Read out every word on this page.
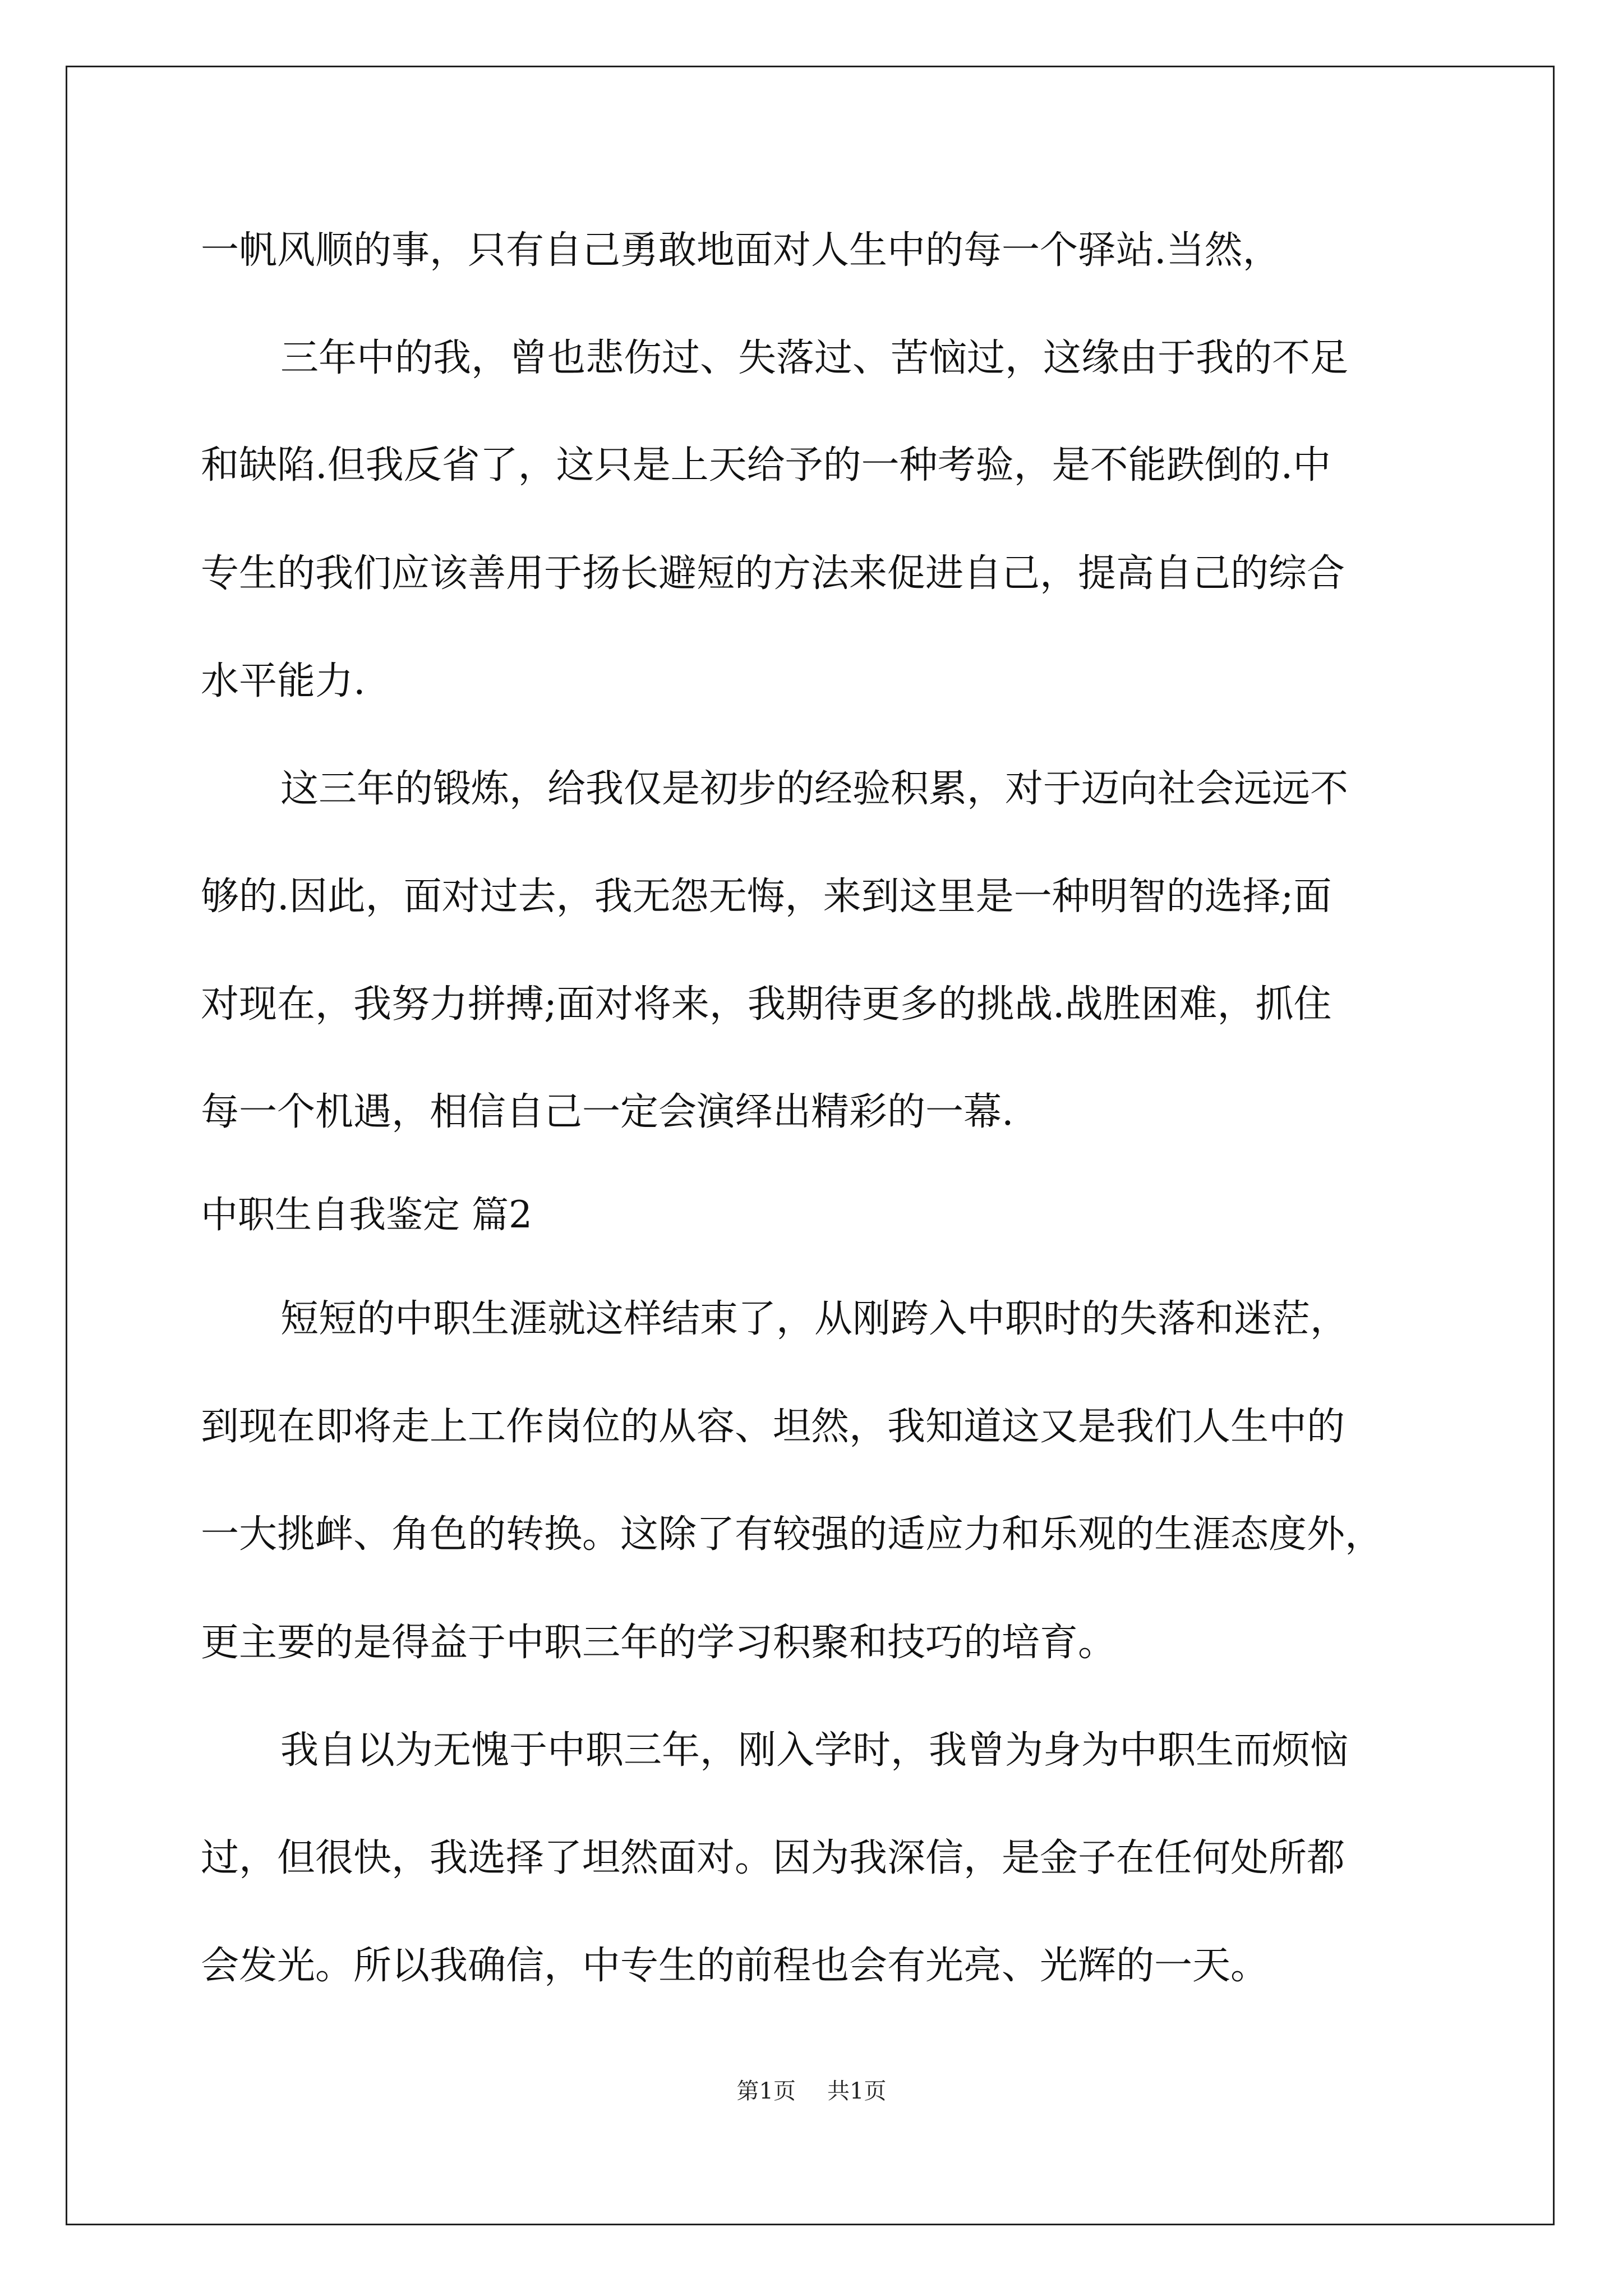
一帆风顺的事，只有自己勇敢地面对人生中的每一个驿站.当然，

三年中的我，曾也悲伤过、失落过、苦恼过，这缘由于我的不足

和缺陷.但我反省了，这只是上天给予的一种考验，是不能跌倒的.中

专生的我们应该善用于扬长避短的方法来促进自己，提高自己的综合

水平能力.

这三年的锻炼，给我仅是初步的经验积累，对于迈向社会远远不

够的.因此，面对过去，我无怨无悔，来到这里是一种明智的选择;面

对现在，我努力拼搏;面对将来，我期待更多的挑战.战胜困难，抓住

每一个机遇，相信自己一定会演绎出精彩的一幕.

中职生自我鉴定 篇2

短短的中职生涯就这样结束了，从刚跨入中职时的失落和迷茫，

到现在即将走上工作岗位的从容、坦然，我知道这又是我们人生中的

一大挑衅、角色的转换。这除了有较强的适应力和乐观的生涯态度外，

更主要的是得益于中职三年的学习积聚和技巧的培育。

我自以为无愧于中职三年，刚入学时，我曾为身为中职生而烦恼

过，但很快，我选择了坦然面对。因为我深信，是金子在任何处所都

会发光。所以我确信，中专生的前程也会有光亮、光辉的一天。

第1页 共1页
